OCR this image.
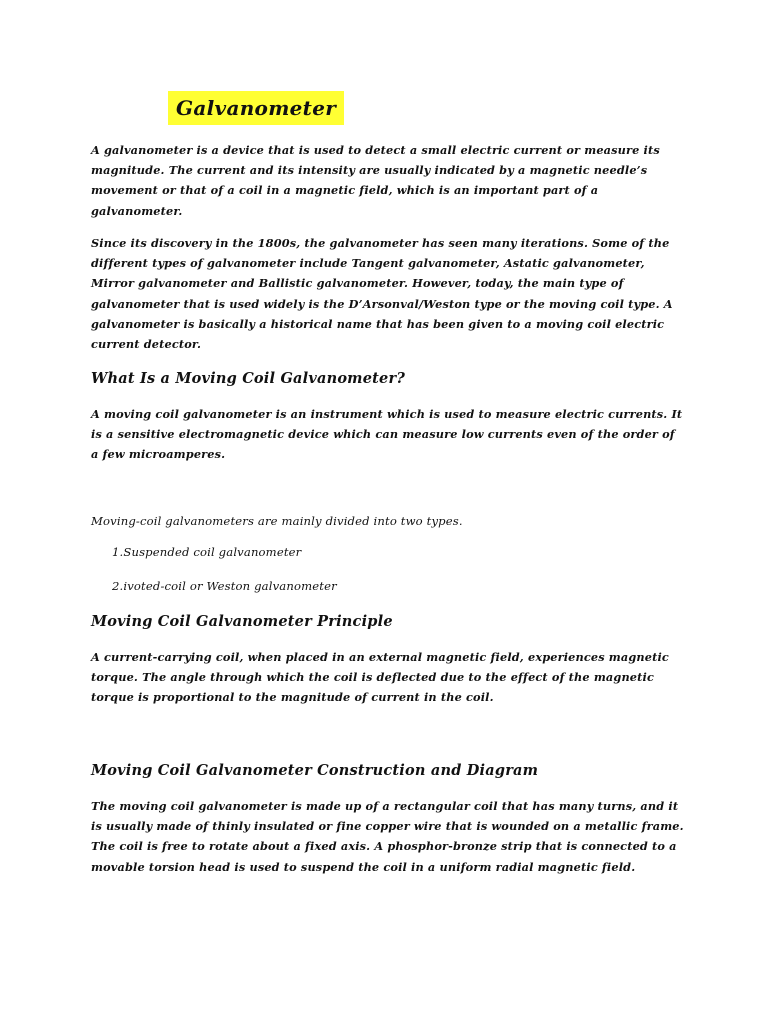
Galvanometer

A galvanometer is a device that is used to detect a small electric current or measure its magnitude. The current and its intensity are usually indicated by a magnetic needle’s movement or that of a coil in a magnetic field, which is an important part of a galvanometer.

Since its discovery in the 1800s, the galvanometer has seen many iterations. Some of the different types of galvanometer include Tangent galvanometer, Astatic galvanometer, Mirror galvanometer and Ballistic galvanometer. However, today, the main type of galvanometer that is used widely is the D’Arsonval/Weston type or the moving coil type. A galvanometer is basically a historical name that has been given to a moving coil electric current detector.

What Is a Moving Coil Galvanometer?

A moving coil galvanometer is an instrument which is used to measure electric currents. It is a sensitive electromagnetic device which can measure low currents even of the order of a few microamperes.

Moving-coil galvanometers are mainly divided into two types.

1.Suspended coil galvanometer

2.ivoted-coil or Weston galvanometer

Moving Coil Galvanometer Principle

A current-carrying coil, when placed in an external magnetic field, experiences magnetic torque. The angle through which the coil is deflected due to the effect of the magnetic torque is proportional to the magnitude of current in the coil.

Moving Coil Galvanometer Construction and Diagram

The moving coil galvanometer is made up of a rectangular coil that has many turns, and it is usually made of thinly insulated or fine copper wire that is wounded on a metallic frame. The coil is free to rotate about a fixed axis. A phosphor-bronze strip that is connected to a movable torsion head is used to suspend the coil in a uniform radial magnetic field.
